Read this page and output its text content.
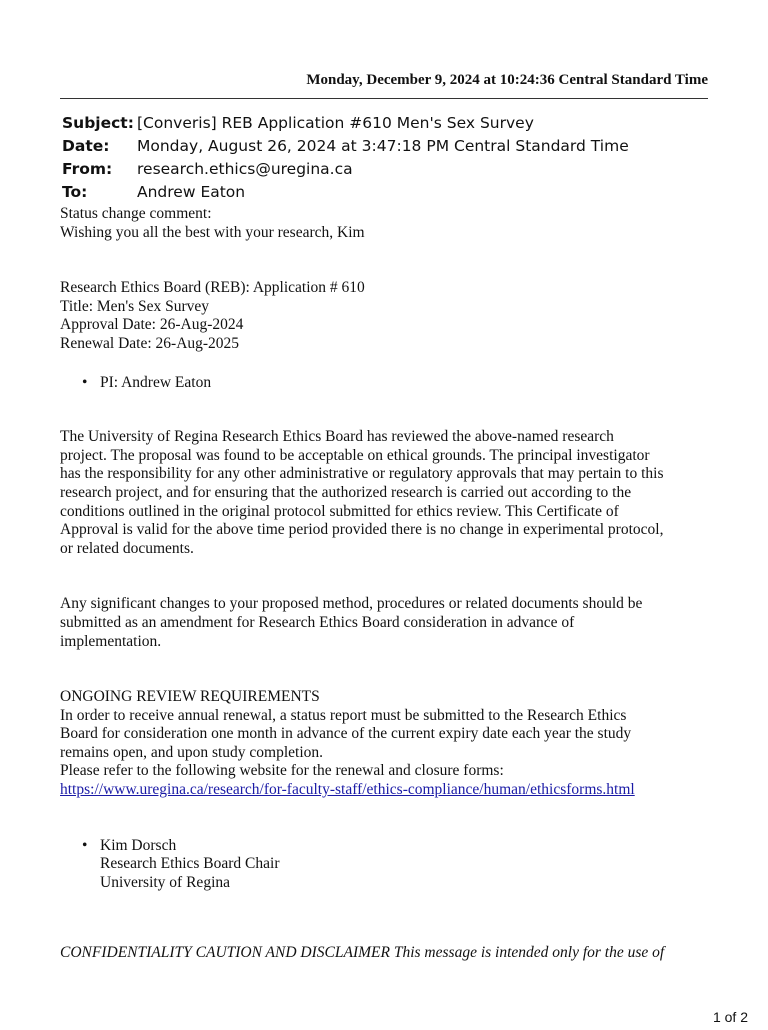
Monday, December 9, 2024 at 10:24:36 Central Standard Time
Subject: [Converis] REB Application #610 Men's Sex Survey
Date:	Monday, August 26, 2024 at 3:47:18 PM Central Standard Time
From:	research.ethics@uregina.ca
To:	Andrew Eaton

Status change comment:

Wishing you all the best with your research, Kim

Research Ethics Board (REB): Application # 610

Title: Men's Sex Survey

Approval Date: 26-Aug-2024

Renewal Date: 26-Aug-2025

• PI: Andrew Eaton

The University of Regina Research Ethics Board has reviewed the above-named research

project. The proposal was found to be acceptable on ethical grounds. The principal investigator

has the responsibility for any other administrative or regulatory approvals that may pertain to this

research project, and for ensuring that the authorized research is carried out according to the

conditions outlined in the original protocol submitted for ethics review. This Certificate of

Approval is valid for the above time period provided there is no change in experimental protocol,

or related documents.

Any significant changes to your proposed method, procedures or related documents should be

submitted as an amendment for Research Ethics Board consideration in advance of

implementation.

ONGOING REVIEW REQUIREMENTS

In order to receive annual renewal, a status report must be submitted to the Research Ethics

Board for consideration one month in advance of the current expiry date each year the study

remains open, and upon study completion.

Please refer to the following website for the renewal and closure forms:

https://www.uregina.ca/research/for-faculty-staff/ethics-compliance/human/ethicsforms.html

• Kim Dorsch

Research Ethics Board Chair

University of Regina

CONFIDENTIALITY CAUTION AND DISCLAIMER This message is intended only for the use of
1 of 2
